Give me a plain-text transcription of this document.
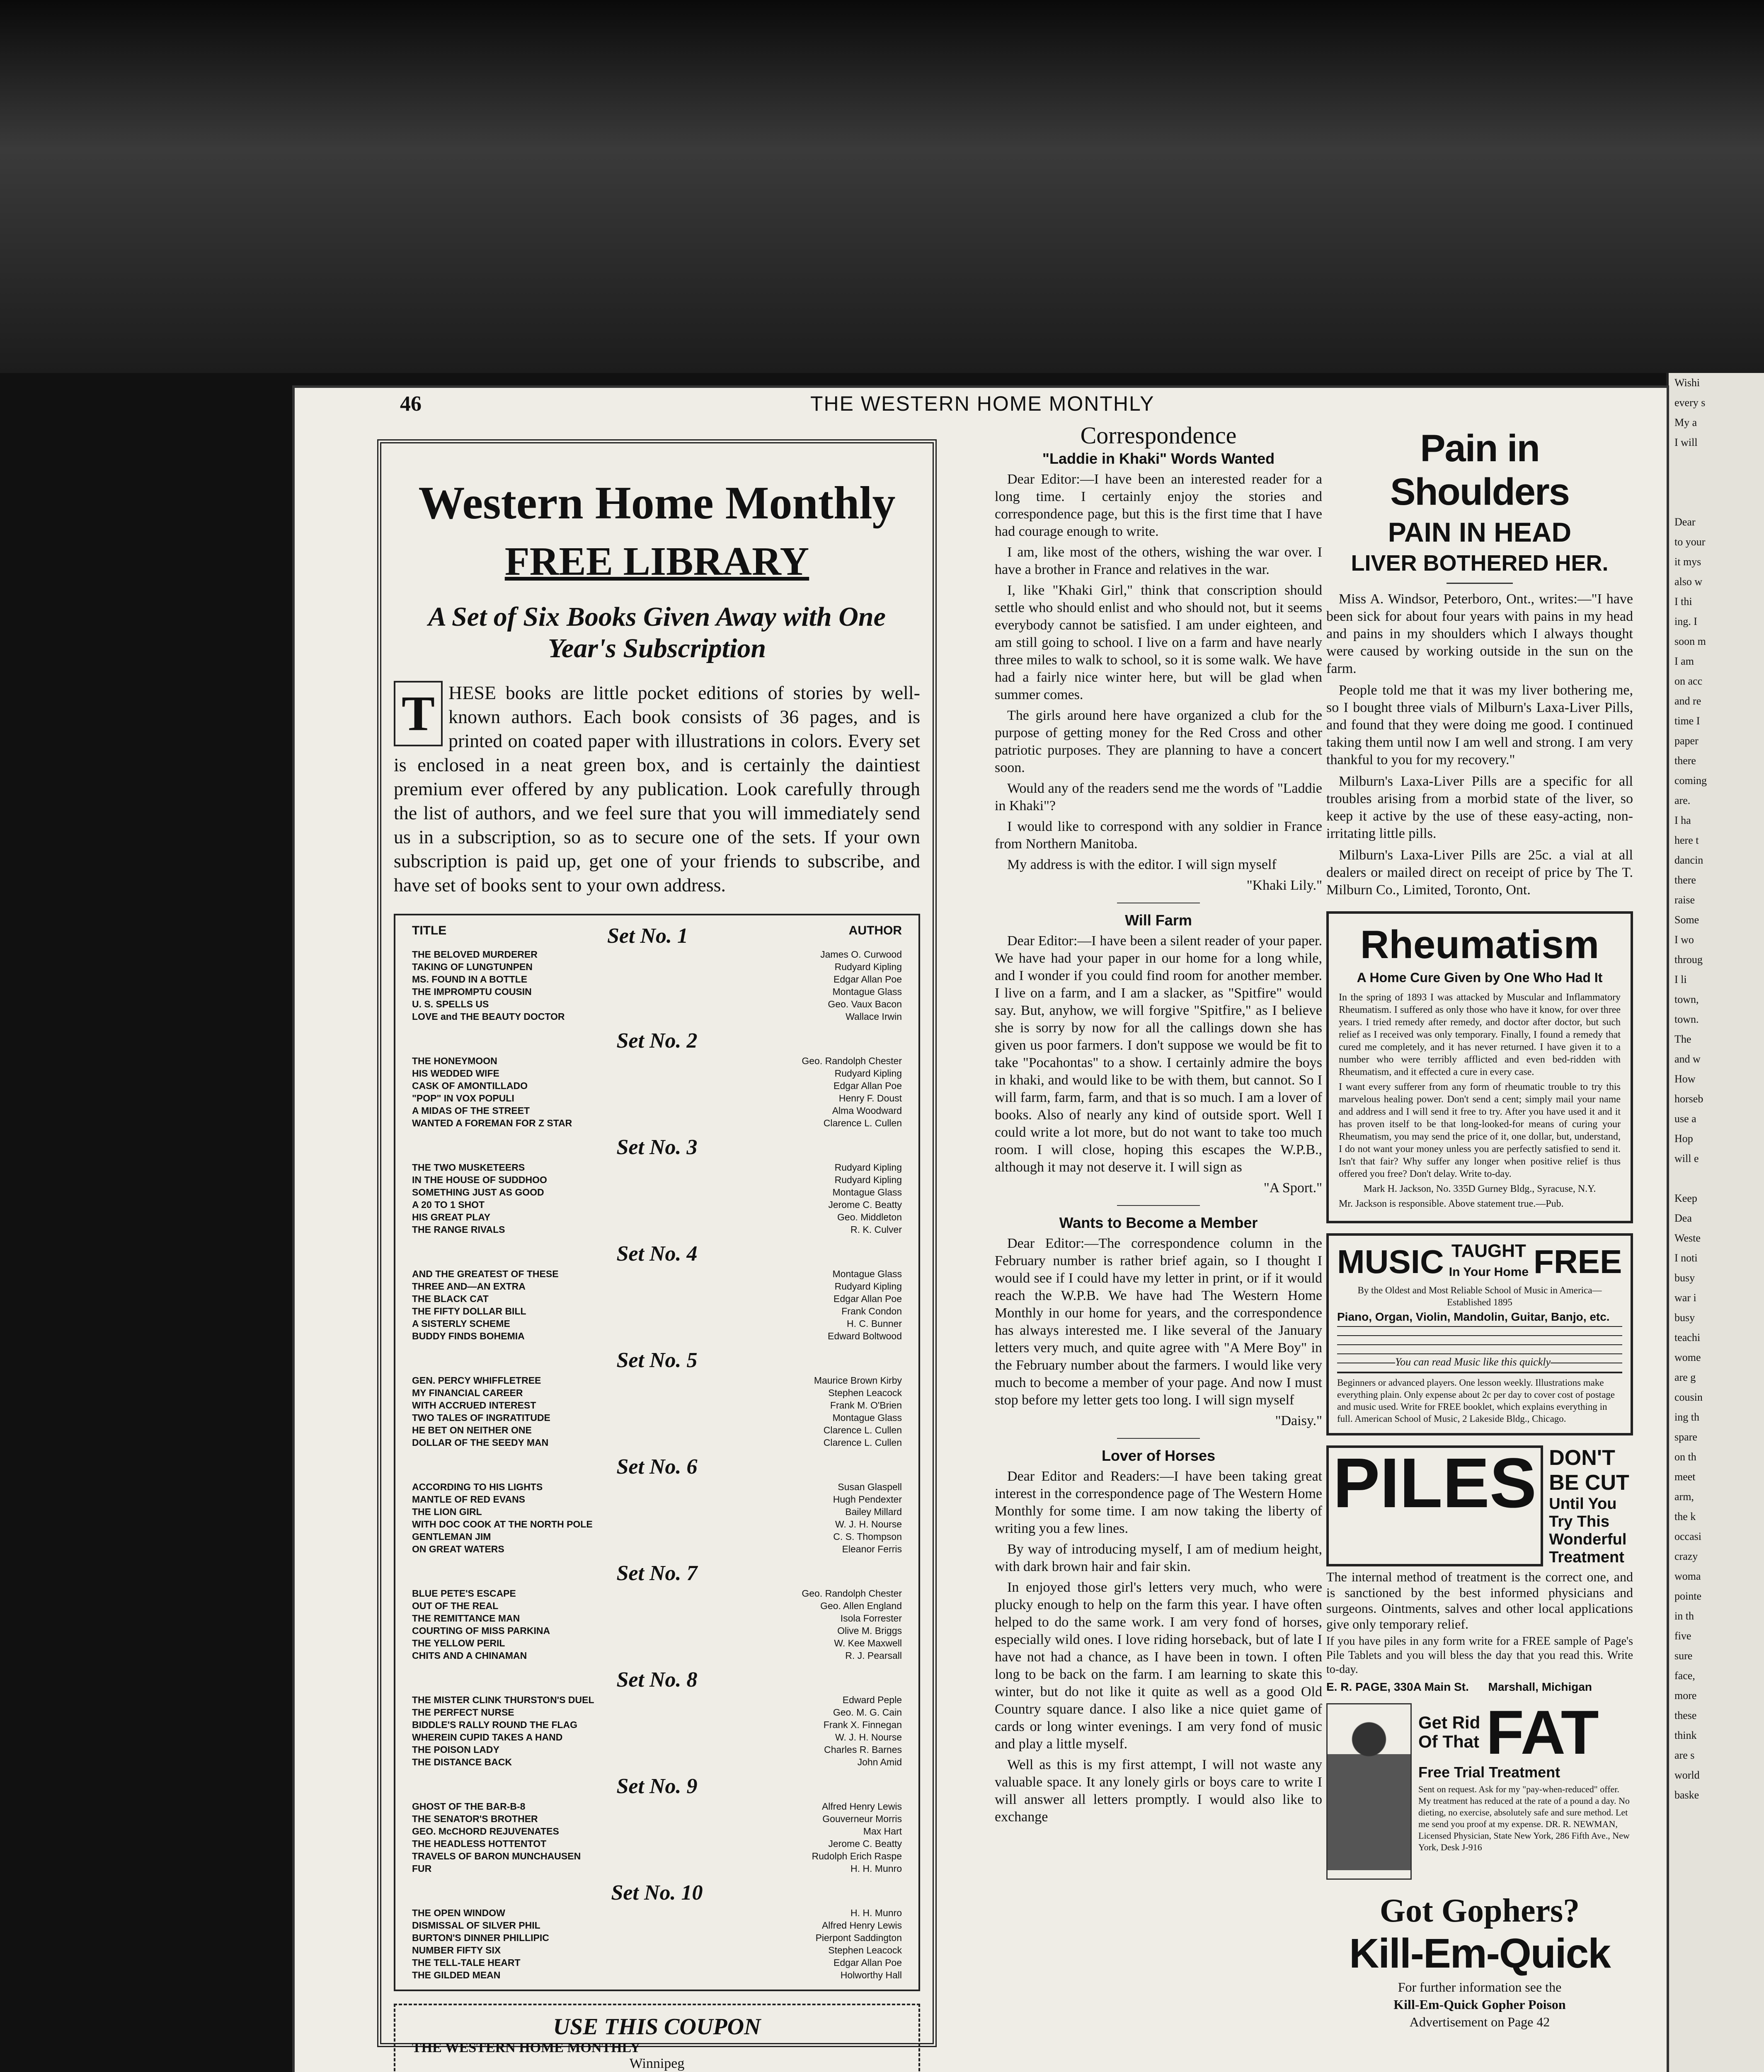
Wishi
every s
My a
I will

Dear
to your
it mys
also w
I thi
ing. I
soon m
I am
on acc
and re
time I
paper
there
coming
are.
I ha
here t
dancin
there
raise
Some
I wo
throug
I li
town,
town.
The
and w
How
horseb
use a
Hop
will e

Keep
Dea
Weste
I noti
busy
war i
busy
teachi
wome
are g
cousin
ing th
spare
on th
meet
arm,
the k
occasi
crazy
woma
pointe
in th
five
sure
face,
more
these
think
are s
world
baske
46	THE WESTERN HOME MONTHLY
Western Home Monthly
FREE LIBRARY
A Set of Six Books Given Away with One Year's Subscription
T HESE books are little pocket editions of stories by well-known authors. Each book consists of 36 pages, and is printed on coated paper with illustrations in colors. Every set is enclosed in a neat green box, and is certainly the daintiest premium ever offered by any publication. Look carefully through the list of authors, and we feel sure that you will immediately send us in a subscription, so as to secure one of the sets. If your own subscription is paid up, get one of your friends to subscribe, and have set of books sent to your own address.
TITLE	Set No. 1	AUTHOR
THE BELOVED MURDERER	James O. Curwood
TAKING OF LUNGTUNPEN	Rudyard Kipling
MS. FOUND IN A BOTTLE	Edgar Allan Poe
THE IMPROMPTU COUSIN	Montague Glass
U. S. SPELLS US	Geo. Vaux Bacon
LOVE and THE BEAUTY DOCTOR	Wallace Irwin
Set No. 2
THE HONEYMOON	Geo. Randolph Chester
HIS WEDDED WIFE	Rudyard Kipling
CASK OF AMONTILLADO	Edgar Allan Poe
"POP" IN VOX POPULI	Henry F. Doust
A MIDAS OF THE STREET	Alma Woodward
WANTED A FOREMAN FOR Z STAR	Clarence L. Cullen
Set No. 3
THE TWO MUSKETEERS	Rudyard Kipling
IN THE HOUSE OF SUDDHOO	Rudyard Kipling
SOMETHING JUST AS GOOD	Montague Glass
A 20 TO 1 SHOT	Jerome C. Beatty
HIS GREAT PLAY	Geo. Middleton
THE RANGE RIVALS	R. K. Culver
Set No. 4
AND THE GREATEST OF THESE	Montague Glass
THREE AND—AN EXTRA	Rudyard Kipling
THE BLACK CAT	Edgar Allan Poe
THE FIFTY DOLLAR BILL	Frank Condon
A SISTERLY SCHEME	H. C. Bunner
BUDDY FINDS BOHEMIA	Edward Boltwood
Set No. 5
GEN. PERCY WHIFFLETREE	Maurice Brown Kirby
MY FINANCIAL CAREER	Stephen Leacock
WITH ACCRUED INTEREST	Frank M. O'Brien
TWO TALES OF INGRATITUDE	Montague Glass
HE BET ON NEITHER ONE	Clarence L. Cullen
DOLLAR OF THE SEEDY MAN	Clarence L. Cullen
Set No. 6
ACCORDING TO HIS LIGHTS	Susan Glaspell
MANTLE OF RED EVANS	Hugh Pendexter
THE LION GIRL	Bailey Millard
WITH DOC COOK AT THE NORTH POLE	W. J. H. Nourse
GENTLEMAN JIM	C. S. Thompson
ON GREAT WATERS	Eleanor Ferris
Set No. 7
BLUE PETE'S ESCAPE	Geo. Randolph Chester
OUT OF THE REAL	Geo. Allen England
THE REMITTANCE MAN	Isola Forrester
COURTING OF MISS PARKINA	Olive M. Briggs
THE YELLOW PERIL	W. Kee Maxwell
CHITS AND A CHINAMAN	R. J. Pearsall
Set No. 8
THE MISTER CLINK THURSTON'S DUEL	Edward Peple
THE PERFECT NURSE	Geo. M. G. Cain
BIDDLE'S RALLY ROUND THE FLAG	Frank X. Finnegan
WHEREIN CUPID TAKES A HAND	W. J. H. Nourse
THE POISON LADY	Charles R. Barnes
THE DISTANCE BACK	John Amid
Set No. 9
GHOST OF THE BAR-B-8	Alfred Henry Lewis
THE SENATOR'S BROTHER	Gouverneur Morris
GEO. McCHORD REJUVENATES	Max Hart
THE HEADLESS HOTTENTOT	Jerome C. Beatty
TRAVELS OF BARON MUNCHAUSEN	Rudolph Erich Raspe
FUR	H. H. Munro
Set No. 10
THE OPEN WINDOW	H. H. Munro
DISMISSAL OF SILVER PHIL	Alfred Henry Lewis
BURTON'S DINNER PHILLIPIC	Pierpont Saddington
NUMBER FIFTY SIX	Stephen Leacock
THE TELL-TALE HEART	Edgar Allan Poe
THE GILDED MEAN	Holworthy Hall
USE THIS COUPON
THE WESTERN HOME MONTHLY
Winnipeg
Correspondence
"Laddie in Khaki" Words Wanted

Dear Editor:—I have been an interested reader for a long time. I certainly enjoy the stories and correspondence page, but this is the first time that I have had courage enough to write.

I am, like most of the others, wishing the war over. I have a brother in France and relatives in the war.

I, like "Khaki Girl," think that conscription should settle who should enlist and who should not, but it seems everybody cannot be satisfied. I am under eighteen, and am still going to school. I live on a farm and have nearly three miles to walk to school, so it is some walk. We have had a fairly nice winter here, but will be glad when summer comes.

The girls around here have organized a club for the purpose of getting money for the Red Cross and other patriotic purposes. They are planning to have a concert soon.

Would any of the readers send me the words of "Laddie in Khaki"?

I would like to correspond with any soldier in France from Northern Manitoba.

My address is with the editor. I will sign myself

"Khaki Lily."
Will Farm

Dear Editor:—I have been a silent reader of your paper. We have had your paper in our home for a long while, and I wonder if you could find room for another member. I live on a farm, and I am a slacker, as "Spitfire" would say. But, anyhow, we will forgive "Spitfire," as I believe she is sorry by now for all the callings down she has given us poor farmers. I don't suppose we would be fit to take "Pocahontas" to a show. I certainly admire the boys in khaki, and would like to be with them, but cannot. So I will farm, farm, farm, and that is so much. I am a lover of books. Also of nearly any kind of outside sport. Well I could write a lot more, but do not want to take too much room. I will close, hoping this escapes the W.P.B., although it may not deserve it. I will sign as

"A Sport."
Wants to Become a Member

Dear Editor:—The correspondence column in the February number is rather brief again, so I thought I would see if I could have my letter in print, or if it would reach the W.P.B. We have had The Western Home Monthly in our home for years, and the correspondence has always interested me. I like several of the January letters very much, and quite agree with "A Mere Boy" in the February number about the farmers. I would like very much to become a member of your page. And now I must stop before my letter gets too long. I will sign myself

"Daisy."
Lover of Horses

Dear Editor and Readers:—I have been taking great interest in the correspondence page of The Western Home Monthly for some time. I am now taking the liberty of writing you a few lines.

By way of introducing myself, I am of medium height, with dark brown hair and fair skin.

In enjoyed those girl's letters very much, who were plucky enough to help on the farm this year. I have often helped to do the same work. I am very fond of horses, especially wild ones. I love riding horseback, but of late I have not had a chance, as I have been in town. I often long to be back on the farm. I am learning to skate this winter, but do not like it quite as well as a good Old Country square dance. I also like a nice quiet game of cards or long winter evenings. I am very fond of music and play a little myself.

Well as this is my first attempt, I will not waste any valuable space. It any lonely girls or boys care to write I will answer all letters promptly. I would also like to exchange

Pain in Shoulders
PAIN IN HEAD
LIVER BOTHERED HER.

Miss A. Windsor, Peterboro, Ont., writes:—"I have been sick for about four years with pains in my head and pains in my shoulders which I always thought were caused by working outside in the sun on the farm.

People told me that it was my liver bothering me, so I bought three vials of Milburn's Laxa-Liver Pills, and found that they were doing me good. I continued taking them until now I am well and strong. I am very thankful to you for my recovery."

Milburn's Laxa-Liver Pills are a specific for all troubles arising from a morbid state of the liver, so keep it active by the use of these easy-acting, non-irritating little pills.

Milburn's Laxa-Liver Pills are 25c. a vial at all dealers or mailed direct on receipt of price by The T. Milburn Co., Limited, Toronto, Ont.

Rheumatism
A Home Cure Given by One Who Had It

In the spring of 1893 I was attacked by Muscular and Inflammatory Rheumatism. I suffered as only those who have it know, for over three years. I tried remedy after remedy, and doctor after doctor, but such relief as I received was only temporary. Finally, I found a remedy that cured me completely, and it has never returned. I have given it to a number who were terribly afflicted and even bed-ridden with Rheumatism, and it effected a cure in every case.

I want every sufferer from any form of rheumatic trouble to try this marvelous healing power. Don't send a cent; simply mail your name and address and I will send it free to try. After you have used it and it has proven itself to be that long-looked-for means of curing your Rheumatism, you may send the price of it, one dollar, but, understand, I do not want your money unless you are perfectly satisfied to send it. Isn't that fair? Why suffer any longer when positive relief is thus offered you free? Don't delay. Write to-day.

Mark H. Jackson, No. 335D Gurney Bldg., Syracuse, N.Y.

Mr. Jackson is responsible. Above statement true.—Pub.

MUSIC TAUGHT
In Your Home FREE

By the Oldest and Most Reliable School of Music in America—Established 1895

Piano, Organ, Violin, Mandolin, Guitar, Banjo, etc.

You can read Music like this quickly

Beginners or advanced players. One lesson weekly. Illustrations make everything plain. Only expense about 2c per day to cover cost of postage and music used. Write for FREE booklet, which explains everything in full. American School of Music, 2 Lakeside Bldg., Chicago.

PILES DON'T BE CUT
Until You Try This
Wonderful Treatment

The internal method of treatment is the correct one, and is sanctioned by the best informed physicians and surgeons. Ointments, salves and other local applications give only temporary relief.

If you have piles in any form write for a FREE sample of Page's Pile Tablets and you will bless the day that you read this. Write to-day.

E. R. PAGE, 330A Main St.      Marshall, Michigan

Get Rid
Of That FAT
Free Trial Treatment

Sent on request. Ask for my "pay-when-reduced" offer. My treatment has reduced at the rate of a pound a day. No dieting, no exercise, absolutely safe and sure method. Let me send you proof at my expense. DR. R. NEWMAN, Licensed Physician, State New York, 286 Fifth Ave., New York, Desk J-916

Got Gophers?
Kill-Em-Quick

For further information see the

Kill-Em-Quick Gopher Poison

Advertisement on Page 42
